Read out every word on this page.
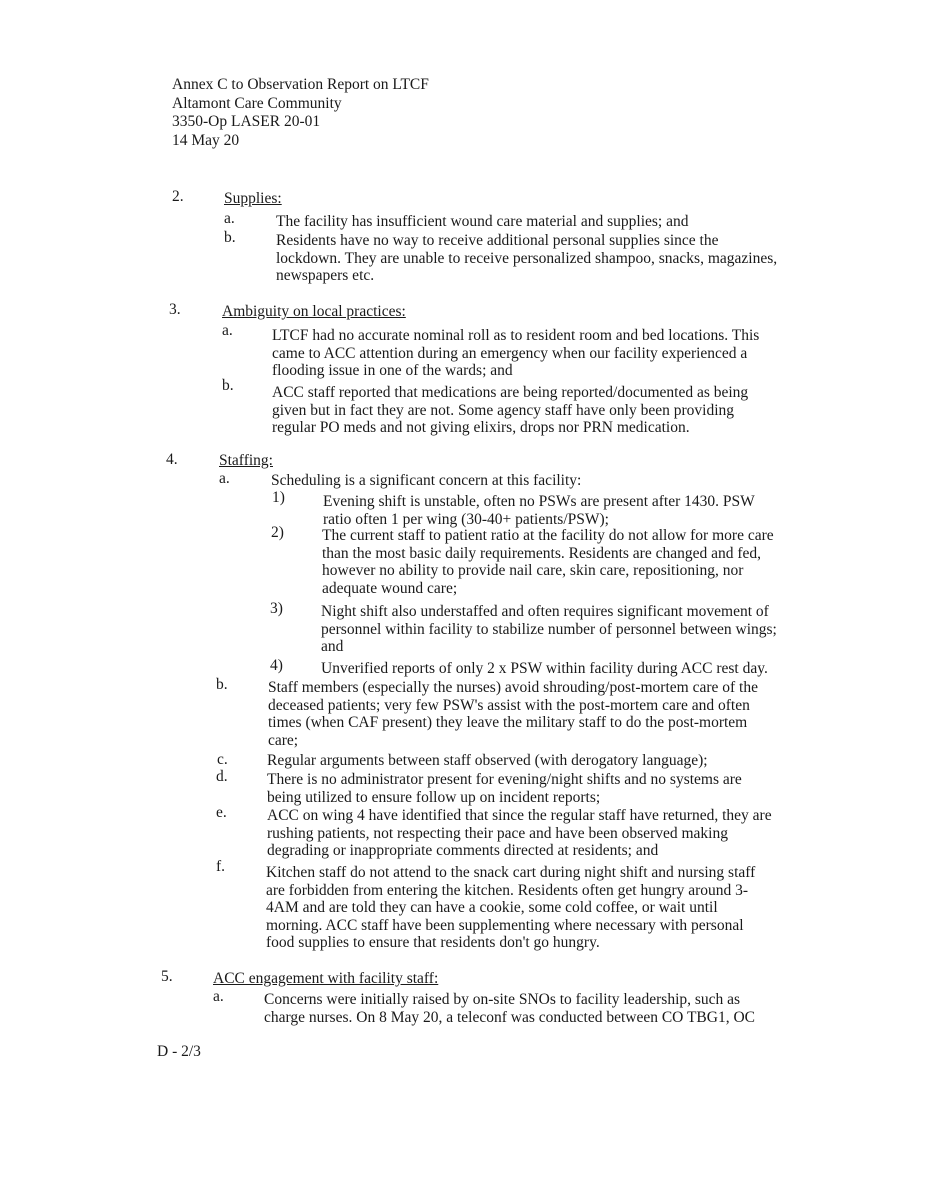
Annex C to Observation Report on LTCF
Altamont Care Community
3350-Op LASER 20-01
14 May 20
2.	Supplies:
a.	The facility has insufficient wound care material and supplies; and
b.	Residents have no way to receive additional personal supplies since the
lockdown. They are unable to receive personalized shampoo, snacks, magazines,
newspapers etc.
3.	Ambiguity on local practices:
a.	LTCF had no accurate nominal roll as to resident room and bed locations. This
came to ACC attention during an emergency when our facility experienced a
flooding issue in one of the wards; and
b. ACC staff reported that medications are being reported/documented as being
given but in fact they are not. Some agency staff have only been providing
regular PO meds and not giving elixirs, drops nor PRN medication.
4.	Staffing:
a.	Scheduling is a significant concern at this facility:
1) Evening shift is unstable, often no PSWs are present after 1430. PSW
ratio often 1 per wing (30-40+ patients/PSW);
2) The current staff to patient ratio at the facility do not allow for more care
than the most basic daily requirements. Residents are changed and fed,
however no ability to provide nail care, skin care, repositioning, nor
adequate wound care;
3) Night shift also understaffed and often requires significant movement of
personnel within facility to stabilize number of personnel between wings;
and
4) Unverified reports of only 2 x PSW within facility during ACC rest day.
b.	Staff members (especially the nurses) avoid shrouding/post-mortem care of the
deceased patients; very few PSW's assist with the post-mortem care and often
times (when CAF present) they leave the military staff to do the post-mortem
care;
c.	Regular arguments between staff observed (with derogatory language);
d.	There is no administrator present for evening/night shifts and no systems are
being utilized to ensure follow up on incident reports;
e.	ACC on wing 4 have identified that since the regular staff have returned, they are
rushing patients, not respecting their pace and have been observed making
degrading or inappropriate comments directed at residents; and
f.	Kitchen staff do not attend to the snack cart during night shift and nursing staff
are forbidden from entering the kitchen. Residents often get hungry around 3-
4AM and are told they can have a cookie, some cold coffee, or wait until
morning. ACC staff have been supplementing where necessary with personal
food supplies to ensure that residents don't go hungry.
5.	ACC engagement with facility staff:
a.	Concerns were initially raised by on-site SNOs to facility leadership, such as
charge nurses. On 8 May 20, a teleconf was conducted between CO TBG1, OC
D - 2/3
